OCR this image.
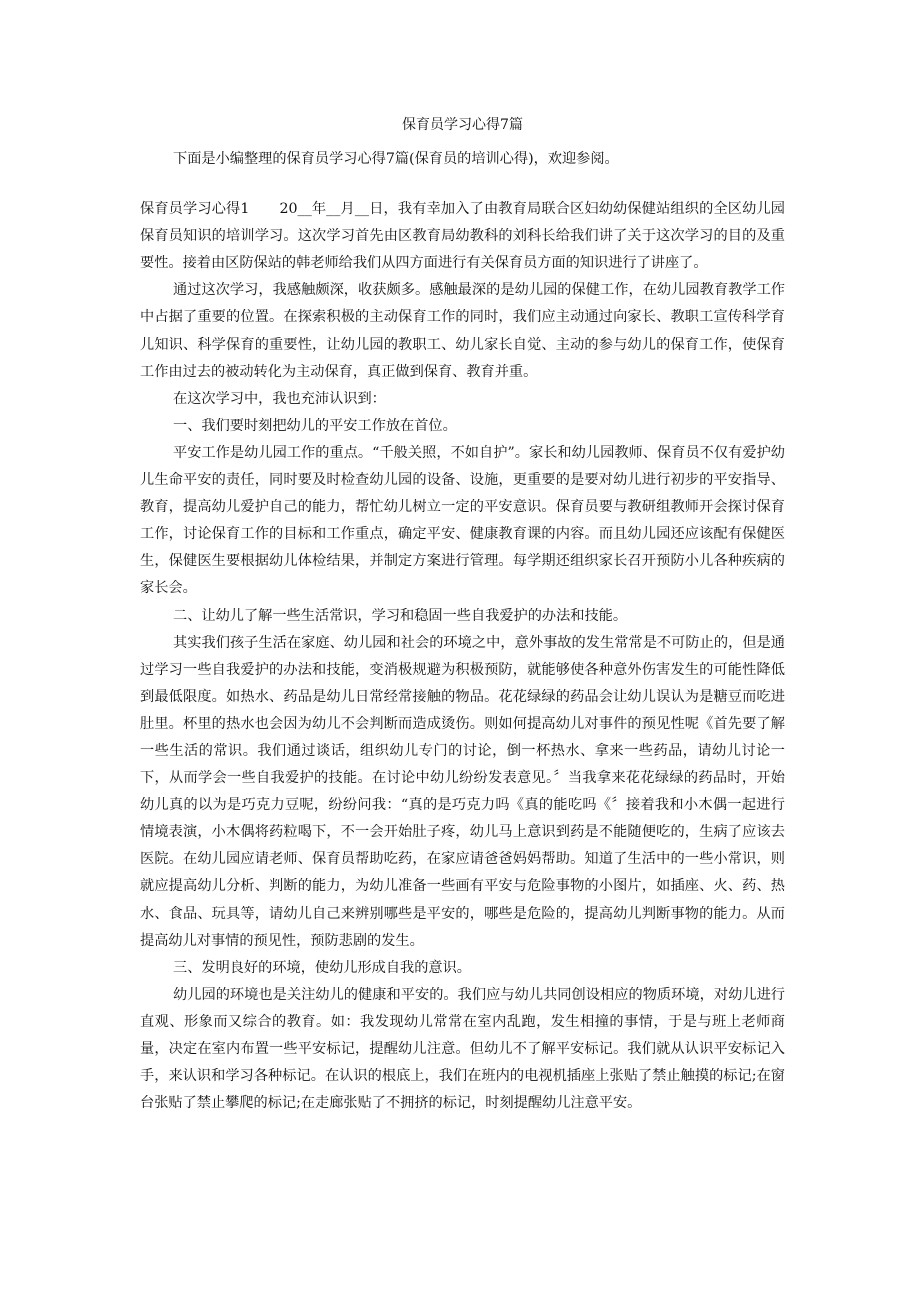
保育员学习心得7篇

下面是小编整理的保育员学习心得7篇(保育员的培训心得)，欢迎参阅。

保育员学习心得1 20__年__月__日，我有幸加入了由教育局联合区妇幼幼保健站组织的全区幼儿园保育员知识的培训学习。这次学习首先由区教育局幼教科的刘科长给我们讲了关于这次学习的目的及重要性。接着由区防保站的韩老师给我们从四方面进行有关保育员方面的知识进行了讲座了。

通过这次学习，我感触颇深，收获颇多。感触最深的是幼儿园的保健工作，在幼儿园教育教学工作中占据了重要的位置。在探索积极的主动保育工作的同时，我们应主动通过向家长、教职工宣传科学育儿知识、科学保育的重要性，让幼儿园的教职工、幼儿家长自觉、主动的参与幼儿的保育工作，使保育工作由过去的被动转化为主动保育，真正做到保育、教育并重。

在这次学习中，我也充沛认识到：

一、我们要时刻把幼儿的平安工作放在首位。

平安工作是幼儿园工作的重点。“千般关照，不如自护”。家长和幼儿园教师、保育员不仅有爱护幼儿生命平安的责任，同时要及时检查幼儿园的设备、设施，更重要的是要对幼儿进行初步的平安指导、教育，提高幼儿爱护自己的能力，帮忙幼儿树立一定的平安意识。保育员要与教研组教师开会探讨保育工作，讨论保育工作的目标和工作重点，确定平安、健康教育课的内容。而且幼儿园还应该配有保健医生，保健医生要根据幼儿体检结果，并制定方案进行管理。每学期还组织家长召开预防小儿各种疾病的家长会。

二、让幼儿了解一些生活常识，学习和稳固一些自我爱护的办法和技能。

其实我们孩子生活在家庭、幼儿园和社会的环境之中，意外事故的发生常常是不可防止的，但是通过学习一些自我爱护的办法和技能，变消极规避为积极预防，就能够使各种意外伤害发生的可能性降低到最低限度。如热水、药品是幼儿日常经常接触的物品。花花绿绿的药品会让幼儿误认为是糖豆而吃进肚里。杯里的热水也会因为幼儿不会判断而造成烫伤。则如何提高幼儿对事件的预见性呢《首先要了解一些生活的常识。我们通过谈话，组织幼儿专门的讨论，倒一杯热水、拿来一些药品，请幼儿讨论一下，从而学会一些自我爱护的技能。在讨论中幼儿纷纷发表意见。〞当我拿来花花绿绿的药品时，开始幼儿真的以为是巧克力豆呢，纷纷问我：“真的是巧克力吗《真的能吃吗《〞接着我和小木偶一起进行情境表演，小木偶将药粒喝下，不一会开始肚子疼，幼儿马上意识到药是不能随便吃的，生病了应该去医院。在幼儿园应请老师、保育员帮助吃药，在家应请爸爸妈妈帮助。知道了生活中的一些小常识，则就应提高幼儿分析、判断的能力，为幼儿准备一些画有平安与危险事物的小图片，如插座、火、药、热水、食品、玩具等，请幼儿自己来辨别哪些是平安的，哪些是危险的，提高幼儿判断事物的能力。从而提高幼儿对事情的预见性，预防悲剧的发生。

三、发明良好的环境，使幼儿形成自我的意识。

幼儿园的环境也是关注幼儿的健康和平安的。我们应与幼儿共同创设相应的物质环境，对幼儿进行直观、形象而又综合的教育。如：我发现幼儿常常在室内乱跑，发生相撞的事情，于是与班上老师商量，决定在室内布置一些平安标记，提醒幼儿注意。但幼儿不了解平安标记。我们就从认识平安标记入手，来认识和学习各种标记。在认识的根底上，我们在班内的电视机插座上张贴了禁止触摸的标记;在窗台张贴了禁止攀爬的标记;在走廊张贴了不拥挤的标记，时刻提醒幼儿注意平安。
